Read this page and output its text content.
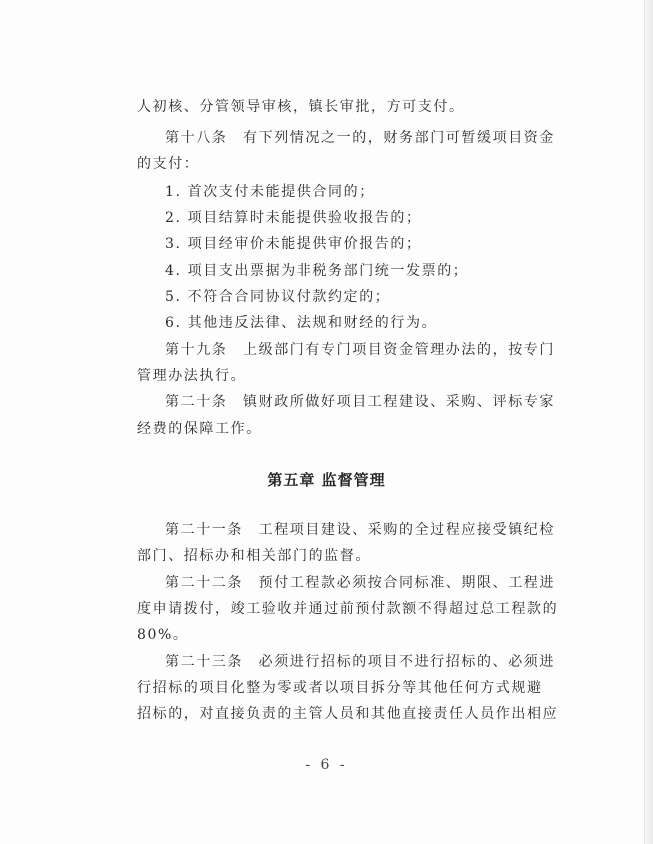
人初核、分管领导审核，镇长审批，方可支付。
第十八条　有下列情况之一的，财务部门可暂缓项目资金
的支付：
1. 首次支付未能提供合同的；
2. 项目结算时未能提供验收报告的；
3. 项目经审价未能提供审价报告的；
4. 项目支出票据为非税务部门统一发票的；
5. 不符合合同协议付款约定的；
6. 其他违反法律、法规和财经的行为。
第十九条　上级部门有专门项目资金管理办法的，按专门
管理办法执行。
第二十条　镇财政所做好项目工程建设、采购、评标专家
经费的保障工作。
第五章 监督管理
第二十一条　工程项目建设、采购的全过程应接受镇纪检
部门、招标办和相关部门的监督。
第二十二条　预付工程款必须按合同标准、期限、工程进
度申请拨付，竣工验收并通过前预付款额不得超过总工程款的
80%。
第二十三条　必须进行招标的项目不进行招标的、必须进
行招标的项目化整为零或者以项目拆分等其他任何方式规避
招标的，对直接负责的主管人员和其他直接责任人员作出相应
- 6 -
